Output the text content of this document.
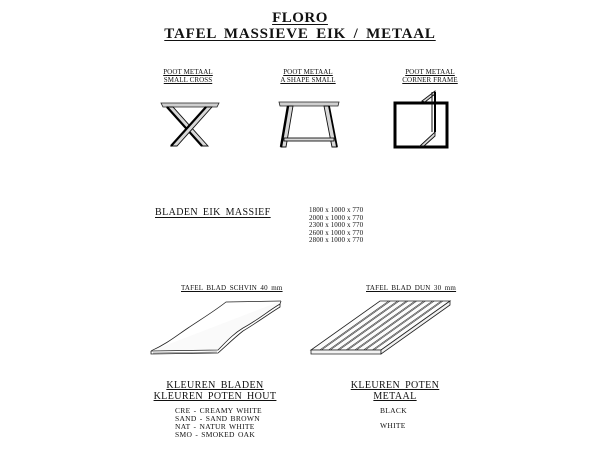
FLORO
TAFEL MASSIEVE EIK / METAAL
POOT METAAL
SMALL CROSS
POOT METAAL
A SHAPE SMALL
POOT METAAL
CORNER FRAME
BLADEN EIK MASSIEF	1800 x 1000 x 770
2000 x 1000 x 770
2300 x 1000 x 770
2600 x 1000 x 770
2800 x 1000 x 770
TAFEL BLAD SCHVIN 40 mm	TAFEL BLAD DUN 30 mm
KLEUREN BLADEN
KLEUREN POTEN HOUT
CRE - CREAMY WHITE
SAND - SAND BROWN
NAT - NATUR WHITE
SMO - SMOKED OAK
KLEUREN POTEN
METAAL
BLACK
WHITE
